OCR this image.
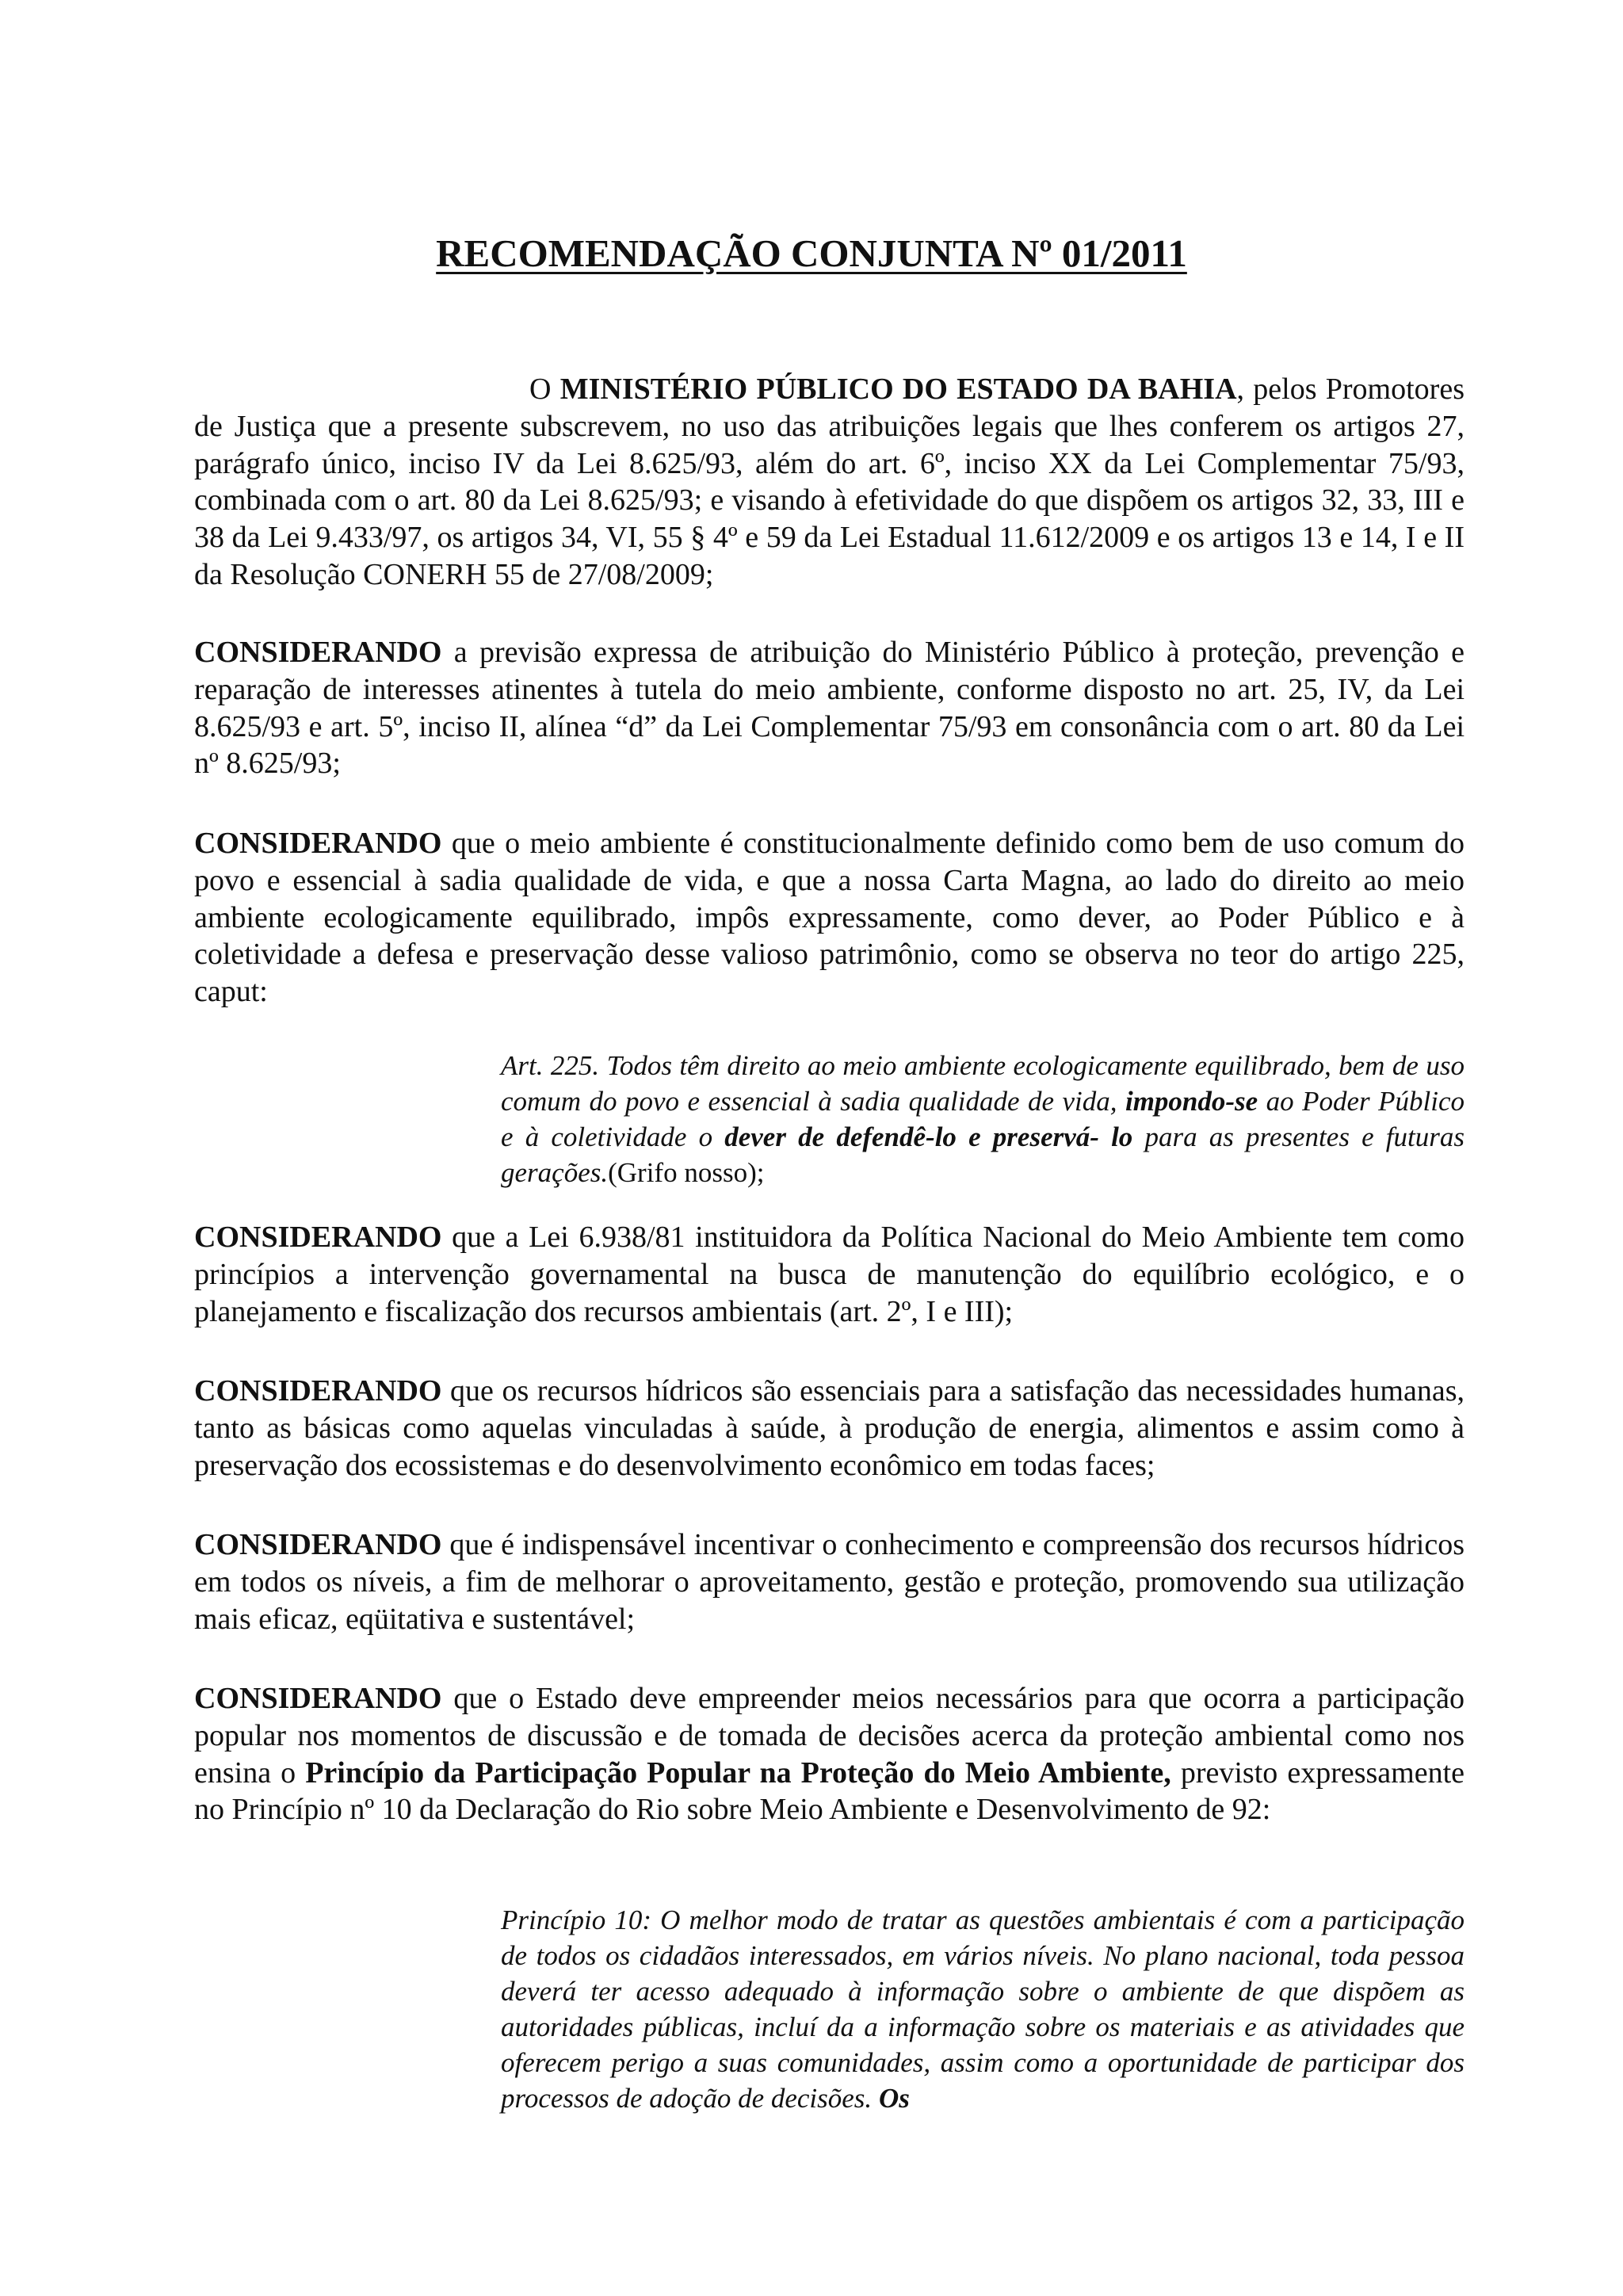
RECOMENDAÇÃO CONJUNTA Nº 01/2011

O MINISTÉRIO PÚBLICO DO ESTADO DA BAHIA, pelos Promotores de Justiça que a presente subscrevem, no uso das atribuições legais que lhes conferem os artigos 27, parágrafo único, inciso IV da Lei 8.625/93, além do art. 6º, inciso XX da Lei Complementar 75/93, combinada com o art. 80 da Lei 8.625/93; e visando à efetividade do que dispõem os artigos 32, 33, III e 38 da Lei 9.433/97, os artigos 34, VI, 55 § 4º e 59 da Lei Estadual 11.612/2009 e os artigos 13 e 14, I e II da Resolução CONERH 55 de 27/08/2009;

CONSIDERANDO a previsão expressa de atribuição do Ministério Público à proteção, prevenção e reparação de interesses atinentes à tutela do meio ambiente, conforme disposto no art. 25, IV, da Lei 8.625/93 e art. 5º, inciso II, alínea “d” da Lei Complementar 75/93 em consonância com o art. 80 da Lei nº 8.625/93;

CONSIDERANDO que o meio ambiente é constitucionalmente definido como bem de uso comum do povo e essencial à sadia qualidade de vida, e que a nossa Carta Magna, ao lado do direito ao meio ambiente ecologicamente equilibrado, impôs expressamente, como dever, ao Poder Público e à coletividade a defesa e preservação desse valioso patrimônio, como se observa no teor do artigo 225, caput:

Art. 225. Todos têm direito ao meio ambiente ecologicamente equilibrado, bem de uso comum do povo e essencial à sadia qualidade de vida, impondo-se ao Poder Público e à coletividade o dever de defendê-lo e preservá- lo para as presentes e futuras gerações.(Grifo nosso);

CONSIDERANDO que a Lei 6.938/81 instituidora da Política Nacional do Meio Ambiente tem como princípios a intervenção governamental na busca de manutenção do equilíbrio ecológico, e o planejamento e fiscalização dos recursos ambientais (art. 2º, I e III);

CONSIDERANDO que os recursos hídricos são essenciais para a satisfação das necessidades humanas, tanto as básicas como aquelas vinculadas à saúde, à produção de energia, alimentos e assim como à preservação dos ecossistemas e do desenvolvimento econômico em todas faces;

CONSIDERANDO que é indispensável incentivar o conhecimento e compreensão dos recursos hídricos em todos os níveis, a fim de melhorar o aproveitamento, gestão e proteção, promovendo sua utilização mais eficaz, eqüitativa e sustentável;

CONSIDERANDO que o Estado deve empreender meios necessários para que ocorra a participação popular nos momentos de discussão e de tomada de decisões acerca da proteção ambiental como nos ensina o Princípio da Participação Popular na Proteção do Meio Ambiente, previsto expressamente no Princípio nº 10 da Declaração do Rio sobre Meio Ambiente e Desenvolvimento de 92:

Princípio 10: O melhor modo de tratar as questões ambientais é com a participação de todos os cidadãos interessados, em vários níveis. No plano nacional, toda pessoa deverá ter acesso adequado à informação sobre o ambiente de que dispõem as autoridades públicas, incluí da a informação sobre os materiais e as atividades que oferecem perigo a suas comunidades, assim como a oportunidade de participar dos processos de adoção de decisões. Os
